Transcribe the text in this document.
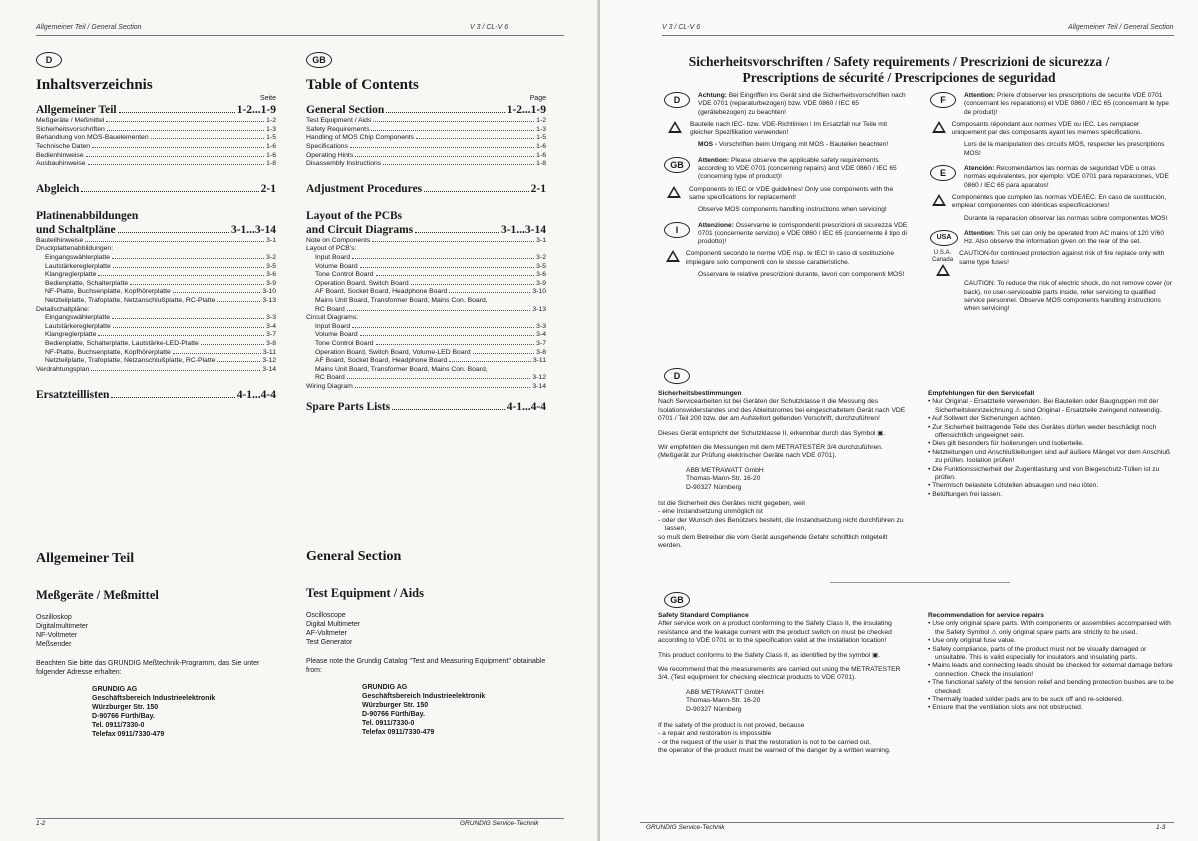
Allgemeiner Teil / General Section	V 3 / CL-V 6
D	GB
Inhaltsverzeichnis
Seite
Allgemeiner Teil	1-2...1-9
Meßgeräte / Meßmittel	1-2
Sicherheitsvorschriften	1-3
Behandlung von MOS-Bauelementen	1-5
Technische Daten	1-6
Bedienhinweise	1-6
Ausbauhinweise	1-8
Abgleich	2-1
Platinenabbildungen
und Schaltpläne	3-1...3-14
Bauteilhinweise	3-1
Druckplattenabbildungen:
Eingangswählerplatte	3-2
Lautstärkereglerplatte	3-5
Klangreglerplatte	3-6
Bedienplatte, Schalterplatte	3-9
NF-Platte, Buchsenplatte, Kopfhörerplatte	3-10
Netzteilplatte, Trafoplatte, Netzanschlußplatte, RC-Platte	3-13
Detailschaltpläne:
Eingangswählerplatte	3-3
Lautstärkereglerplatte	3-4
Klangreglerplatte	3-7
Bedienplatte, Schalterplatte, Lautstärke-LED-Platte	3-8
NF-Platte, Buchsenplatte, Kopfhörerplatte	3-11
Netzteilplatte, Trafoplatte, Netzanschlußplatte, RC-Platte	3-12
Verdrahtungsplan	3-14
Ersatzteillisten	4-1...4-4
Table of Contents
Page
General Section	1-2...1-9
Test Equipment / Aids	1-2
Safety Requirements	1-3
Handling of MOS Chip Components	1-5
Specifications	1-6
Operating Hints	1-6
Disassembly Instructions	1-8
Adjustment Procedures	2-1
Layout of the PCBs
and Circuit Diagrams	3-1...3-14
Note on Components	3-1
Layout of PCB's:
Input Board	3-2
Volume Board	3-5
Tone Control Board	3-6
Operation Board, Switch Board	3-9
AF Board, Socket Board, Headphone Board	3-10
Mains Unit Board, Transformer Board, Mains Con. Board,
RC Board	3-13
Circuit Diagrams:
Input Board	3-3
Volume Board	3-4
Tone Control Board	3-7
Operation Board, Switch Board, Volume-LED Board	3-8
AF Board, Socket Board, Headphone Board	3-11
Mains Unit Board, Transformer Board, Mains Con. Board,
RC Board	3-12
Wiring Diagram	3-14
Spare Parts Lists	4-1...4-4
Allgemeiner Teil
Meßgeräte / Meßmittel
Oszilloskop
Digitalmultimeter
NF-Voltmeter
Meßsender
Beachten Sie bitte das GRUNDIG Meßtechnik-Programm, das Sie unter folgender Adresse erhalten:
GRUNDIG AG
Geschäftsbereich Industrieelektronik
Würzburger Str. 150
D-90766 Fürth/Bay.
Tel. 0911/7330-0
Telefax 0911/7330-479
General Section
Test Equipment / Aids
Oscilloscope
Digital Multimeter
AF-Voltmeter
Test Generator
Please note the Grundig Catalog "Test and Measuring Equipment" obtainable from:
GRUNDIG AG
Geschäftsbereich Industrieelektronik
Würzburger Str. 150
D-90766 Fürth/Bay.
Tel. 0911/7330-0
Telefax 0911/7330-479
1-2	GRUNDIG Service-Technik
V 3 / CL-V 6	Allgemeiner Teil / General Section
Sicherheitsvorschriften / Safety requirements / Prescrizioni de sicurezza /
Prescriptions de sécurité / Prescripciones de seguridad
D	Achtung: Bei Eingriffen ins Gerät sind die Sicherheitsvorschriften nach VDE 0701 (reparaturbezogen) bzw. VDE 0860 / IEC 65 (gerätebezogen) zu beachten!

Bauteile nach IEC- bzw. VDE-Richtlinien ! Im Ersatzfall nur Teile mit gleicher Spezifikation verwenden!

MOS - Vorschriften beim Umgang mit MOS - Bauteilen beachten!

GB	Attention: Please observe the applicable safety requirements according to VDE 0701 (concerning repairs) and VDE 0860 / IEC 65 (concerning type of product)!

Components to IEC or VDE guidelines! Only use components with the same specifications for replacement!

Observe MOS components handling instructions when servicing!

I	Attenzione: Osservarne le corrispondenti prescrizioni di sicurezza VDE 0701 (concernente servizio) e VDE 0860 / IEC 65 (concernente il tipo di prodotto)!

Componenti secondo le norme VDE risp. te IEC! In caso di sostituzione impiegare solo componenti con le stesse caratteristiche.

Osservare le relative prescrizioni durante, lavori con componenti MOS!

F	Attention: Priere d'observer les prescriptions de securite VDE 0701 (concernant les reparations) et VDE 0860 / IEC 65 (concernant le type de produit)!

Composants répondant aux normes VDE ou IEC. Les remplacer uniquement par des composants ayant les memes spécifications.

Lors de la manipulation des circuits MOS, respecter les prescriptions MOS!

E	Atención: Recomendamos las normas de seguridad VDE u otras normas equivalentes, por ejemplo: VDE 0701 para reparaciones, VDE 0860 / IEC 65 para aparatos!

Componentes que cumplen las normas VDE/IEC. En caso de sustitución, emplear componentes con idénticas especificaciones!

Durante la reparacion observar las normas sobre componentes MOS!

USA

Attention: This set can only be operated from AC mains of 120 V/60 Hz. Also observe the information given on the rear of the set.

U.S.A. Canada
CAUTION-for continued protection against risk of fire replace only with same type fuses!

CAUTION: To reduce the risk of electric shock, do not remove cover (or back), no user-serviceable parts inside, refer servicing to qualified service personnel. Observe MOS components handling instructions when servicing!

D
Sicherheitsbestimmungen

Nach Servicearbeiten ist bei Geräten der Schutzklasse II die Messung des Isolationswiderstandes und des Ableitstromes bei eingeschaltetem Gerät nach VDE 0701 / Teil 200 bzw. der am Aufstellort geltenden Vorschrift, durchzuführen!

Dieses Gerät entspricht der Schutzklasse II, erkennbar durch das Symbol ▣.

Wir empfehlen die Messungen mit dem METRATESTER 3/4 durchzuführen. (Meßgerät zur Prüfung elektrischer Geräte nach VDE 0701).

ABB METRAWATT GmbH
Thomas-Mann-Str. 16-20
D-90327 Nürnberg
Ist die Sicherheit des Gerätes nicht gegeben, weil
- eine Instandsetzung unmöglich ist
- oder der Wunsch des Benützers besteht, die Instandsetzung nicht durchführen zu lassen,
so muß dem Betreiber die vom Gerät ausgehende Gefahr schriftlich mitgeteilt werden.
Empfehlungen für den Servicefall
• Nur Original - Ersatzteile verwenden. Bei Bauteilen oder Baugruppen mit der Sicherheitskennzeichnung ⚠ sind Original - Ersatzteile zwingend notwendig.
• Auf Sollwert der Sicherungen achten.
• Zur Sicherheit beitragende Teile des Gerätes dürfen weder beschädigt noch offensichtlich ungeeignet sein.
• Dies gilt besonders für Isolierungen und Isolierteile.
• Netzleitungen und Anschlußleitungen sind auf äußere Mängel vor dem Anschluß zu prüfen. Isolation prüfen!
• Die Funktionssicherheit der Zugentlastung und von Biegeschutz-Tüllen ist zu prüfen.
• Thermisch belastete Lötstellen absaugen und neu löten.
• Belüftungen frei lassen.
GB
Safety Standard Compliance

After service work on a product conforming to the Safety Class II, the insulating resistance and the leakage current with the product switch on must be checked according to VDE 0701 or to the specification valid at the installation location!

This product conforms to the Safety Class II, as identified by the symbol ▣.

We recommend that the measurements are carried out using the METRATESTER 3/4. (Test equipment for checking electrical products to VDE 0701).

ABB METRAWATT GmbH
Thomas-Mann-Str. 16-20
D-90327 Nürnberg
If the safety of the product is not proved, because
- a repair and restoration is impossible
- or the request of the user is that the restoration is not to be carried out,
the operator of the product must be warned of the danger by a written warning.
Recommendation for service repairs
• Use only original spare parts. With components or assemblies accompanied with the Safety Symbol ⚠ only original spare parts are strictly to be used.
• Use only original fuse value.
• Safety compliance, parts of the product must not be visually damaged or unsuitable. This is valid especially for insulators and insulating parts.
• Mains leads and connecting leads should be checked for external damage before connection. Check the insulation!
• The functional safety of the tension relief and bending protection bushes are to be checked:
• Thermally loaded solder pads are to be suck off and re-soldered.
• Ensure that the ventilation slots are not obstructed.
GRUNDIG Service-Technik	1-3
